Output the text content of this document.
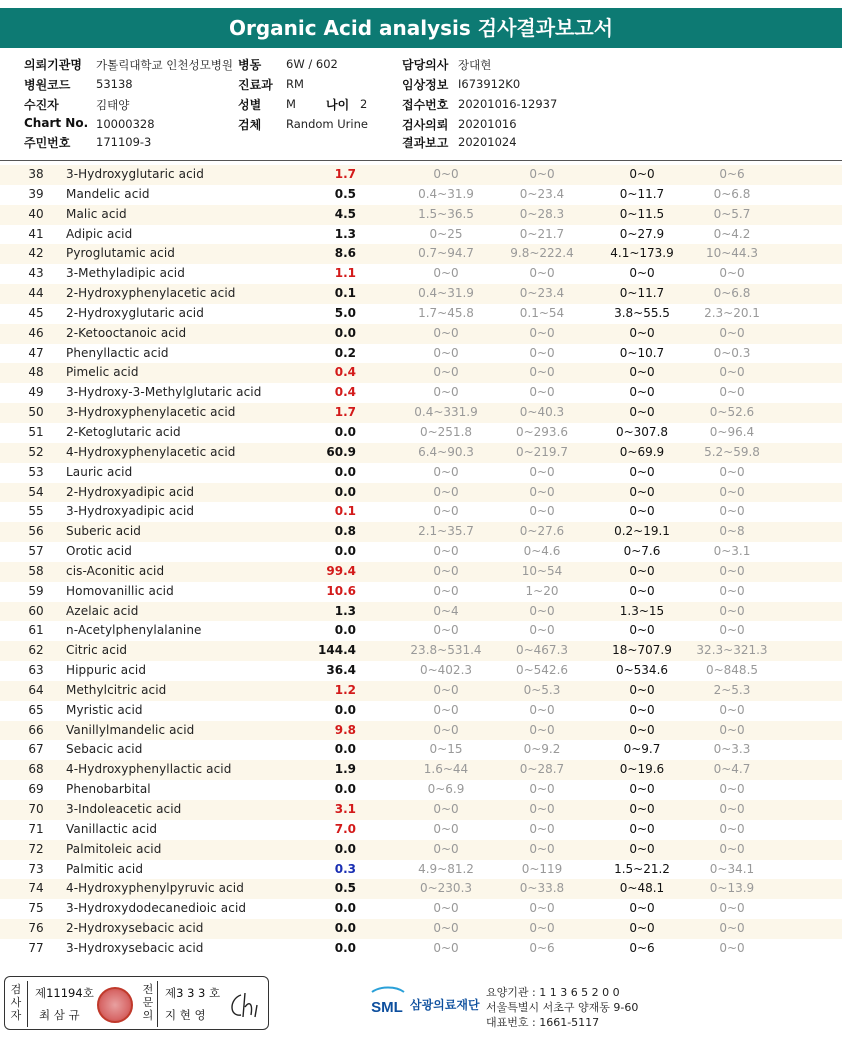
Organic Acid analysis 검사결과보고서
의뢰기관명 가톨릭대학교 인천성모병원 병동 6W / 602	담당의사 장대현
병원코드 53138	진료과 RM	임상정보 I673912K0
수진자	김태양	성별 M	나이 2	접수번호 20201016-12937
Chart No. 10000328	검체 Random Urine	검사의뢰 20201016
주민번호 171109-3	결과보고 20201024
38 3-Hydroxyglutaric acid	1.7	0~0	0~0	0~0	0~6
39 Mandelic acid	0.5	0.4~31.9	0~23.4	0~11.7	0~6.8
40 Malic acid	4.5	1.5~36.5	0~28.3	0~11.5	0~5.7
41 Adipic acid	1.3	0~25	0~21.7	0~27.9	0~4.2
42 Pyroglutamic acid	8.6	0.7~94.7	9.8~222.4	4.1~173.9	10~44.3
43 3-Methyladipic acid	1.1	0~0	0~0	0~0	0~0
44 2-Hydroxyphenylacetic acid	0.1	0.4~31.9	0~23.4	0~11.7	0~6.8
45 2-Hydroxyglutaric acid	5.0	1.7~45.8	0.1~54	3.8~55.5	2.3~20.1
46 2-Ketooctanoic acid	0.0	0~0	0~0	0~0	0~0
47 Phenyllactic acid	0.2	0~0	0~0	0~10.7	0~0.3
48 Pimelic acid	0.4	0~0	0~0	0~0	0~0
49 3-Hydroxy-3-Methylglutaric acid	0.4	0~0	0~0	0~0	0~0
50 3-Hydroxyphenylacetic acid	1.7	0.4~331.9	0~40.3	0~0	0~52.6
51 2-Ketoglutaric acid	0.0	0~251.8	0~293.6	0~307.8	0~96.4
52 4-Hydroxyphenylacetic acid	60.9	6.4~90.3	0~219.7	0~69.9	5.2~59.8
53 Lauric acid	0.0	0~0	0~0	0~0	0~0
54 2-Hydroxyadipic acid	0.0	0~0	0~0	0~0	0~0
55 3-Hydroxyadipic acid	0.1	0~0	0~0	0~0	0~0
56 Suberic acid	0.8	2.1~35.7	0~27.6	0.2~19.1	0~8
57 Orotic acid	0.0	0~0	0~4.6	0~7.6	0~3.1
58 cis-Aconitic acid	99.4	0~0	10~54	0~0	0~0
59 Homovanillic acid	10.6	0~0	1~20	0~0	0~0
60 Azelaic acid	1.3	0~4	0~0	1.3~15	0~0
61 n-Acetylphenylalanine	0.0	0~0	0~0	0~0	0~0
62 Citric acid	144.4	23.8~531.4	0~467.3	18~707.9	32.3~321.3
63 Hippuric acid	36.4	0~402.3	0~542.6	0~534.6	0~848.5
64 Methylcitric acid	1.2	0~0	0~5.3	0~0	2~5.3
65 Myristic acid	0.0	0~0	0~0	0~0	0~0
66 Vanillylmandelic acid	9.8	0~0	0~0	0~0	0~0
67 Sebacic acid	0.0	0~15	0~9.2	0~9.7	0~3.3
68 4-Hydroxyphenyllactic acid	1.9	1.6~44	0~28.7	0~19.6	0~4.7
69 Phenobarbital	0.0	0~6.9	0~0	0~0	0~0
70 3-Indoleacetic acid	3.1	0~0	0~0	0~0	0~0
71 Vanillactic acid	7.0	0~0	0~0	0~0	0~0
72 Palmitoleic acid	0.0	0~0	0~0	0~0	0~0
73 Palmitic acid	0.3	4.9~81.2	0~119	1.5~21.2	0~34.1
74 4-Hydroxyphenylpyruvic acid	0.5	0~230.3	0~33.8	0~48.1	0~13.9
75 3-Hydroxydodecanedioic acid	0.0	0~0	0~0	0~0	0~0
76 2-Hydroxysebacic acid	0.0	0~0	0~0	0~0	0~0
77 3-Hydroxysebacic acid	0.0	0~0	0~6	0~6	0~0
검사자
제11194호
최 삼 규
전문의
제3 3 3 호
지 현 영	SML 삼광의료재단
요양기관 : 1 1 3 6 5 2 0 0
서울특별시 서초구 양재동 9-60
대표번호 : 1661-5117
